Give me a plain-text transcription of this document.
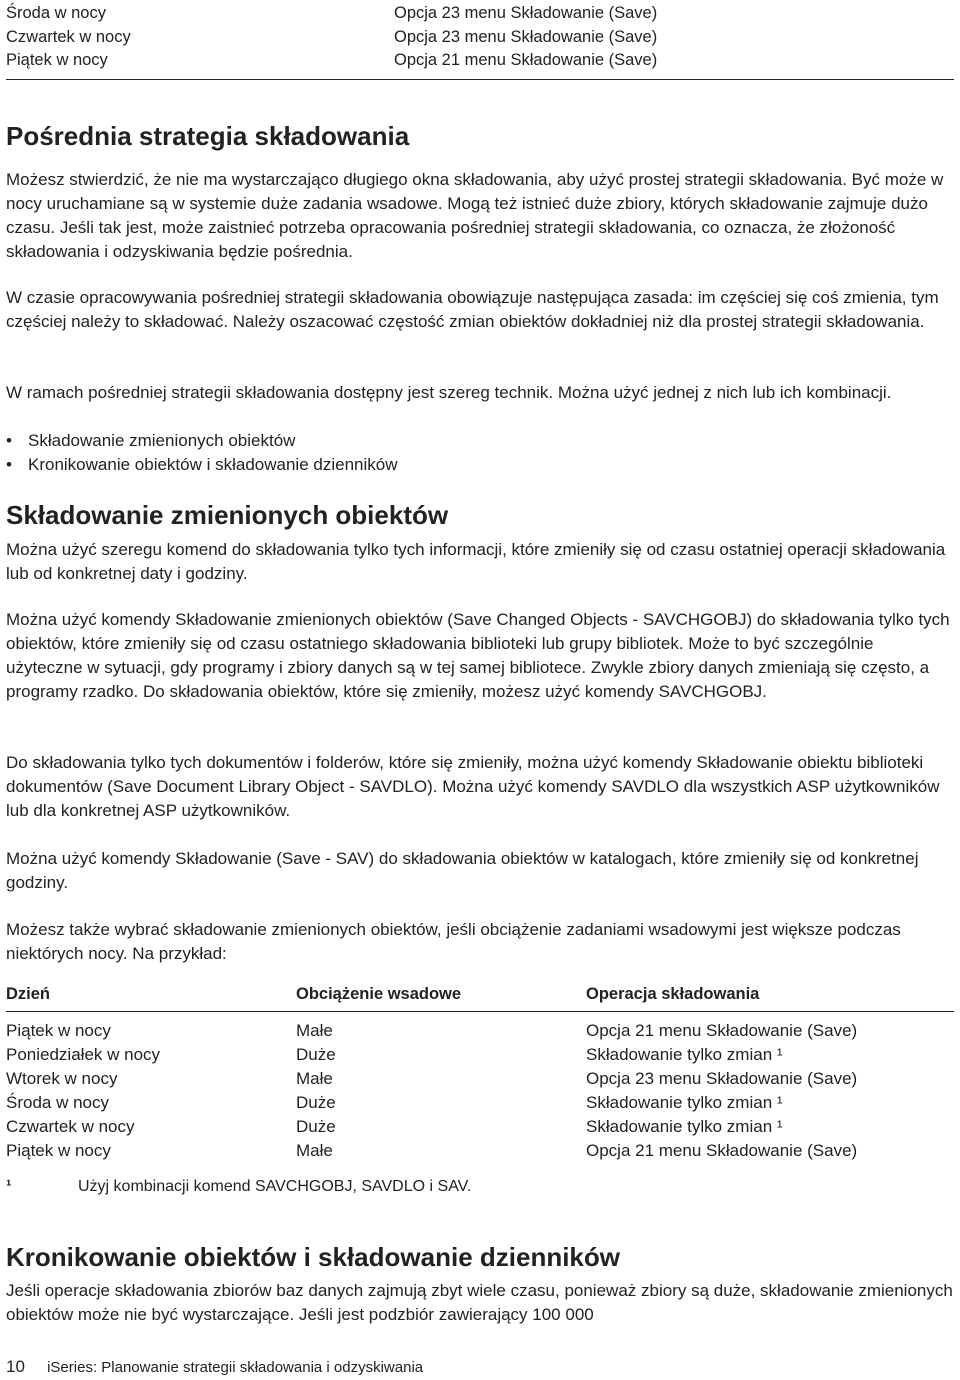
Środa w nocy	Opcja 23 menu Składowanie (Save)
Czwartek w nocy	Opcja 23 menu Składowanie (Save)
Piątek w nocy	Opcja 21 menu Składowanie (Save)
Pośrednia strategia składowania

Możesz stwierdzić, że nie ma wystarczająco długiego okna składowania, aby użyć prostej strategii składowania. Być może w nocy uruchamiane są w systemie duże zadania wsadowe. Mogą też istnieć duże zbiory, których składowanie zajmuje dużo czasu. Jeśli tak jest, może zaistnieć potrzeba opracowania pośredniej strategii składowania, co oznacza, że złożoność składowania i odzyskiwania będzie pośrednia.

W czasie opracowywania pośredniej strategii składowania obowiązuje następująca zasada: im częściej się coś zmienia, tym częściej należy to składować. Należy oszacować częstość zmian obiektów dokładniej niż dla prostej strategii składowania.

W ramach pośredniej strategii składowania dostępny jest szereg technik. Można użyć jednej z nich lub ich kombinacji.

• Składowanie zmienionych obiektów
• Kronikowanie obiektów i składowanie dzienników
Składowanie zmienionych obiektów

Można użyć szeregu komend do składowania tylko tych informacji, które zmieniły się od czasu ostatniej operacji składowania lub od konkretnej daty i godziny.

Można użyć komendy Składowanie zmienionych obiektów (Save Changed Objects - SAVCHGOBJ) do składowania tylko tych obiektów, które zmieniły się od czasu ostatniego składowania biblioteki lub grupy bibliotek. Może to być szczególnie użyteczne w sytuacji, gdy programy i zbiory danych są w tej samej bibliotece. Zwykle zbiory danych zmieniają się często, a programy rzadko. Do składowania obiektów, które się zmieniły, możesz użyć komendy SAVCHGOBJ.

Do składowania tylko tych dokumentów i folderów, które się zmieniły, można użyć komendy Składowanie obiektu biblioteki dokumentów (Save Document Library Object - SAVDLO). Można użyć komendy SAVDLO dla wszystkich ASP użytkowników lub dla konkretnej ASP użytkowników.

Można użyć komendy Składowanie (Save - SAV) do składowania obiektów w katalogach, które zmieniły się od konkretnej godziny.

Możesz także wybrać składowanie zmienionych obiektów, jeśli obciążenie zadaniami wsadowymi jest większe podczas niektórych nocy. Na przykład:

Dzień	Obciążenie wsadowe	Operacja składowania
Piątek w nocy	Małe	Opcja 21 menu Składowanie (Save)
Poniedziałek w nocy	Duże	Składowanie tylko zmian ¹
Wtorek w nocy	Małe	Opcja 23 menu Składowanie (Save)
Środa w nocy	Duże	Składowanie tylko zmian ¹
Czwartek w nocy	Duże	Składowanie tylko zmian ¹
Piątek w nocy	Małe	Opcja 21 menu Składowanie (Save)
¹	Użyj kombinacji komend SAVCHGOBJ, SAVDLO i SAV.
Kronikowanie obiektów i składowanie dzienników

Jeśli operacje składowania zbiorów baz danych zajmują zbyt wiele czasu, ponieważ zbiory są duże, składowanie zmienionych obiektów może nie być wystarczające. Jeśli jest podzbiór zawierający 100 000

10 iSeries: Planowanie strategii składowania i odzyskiwania
